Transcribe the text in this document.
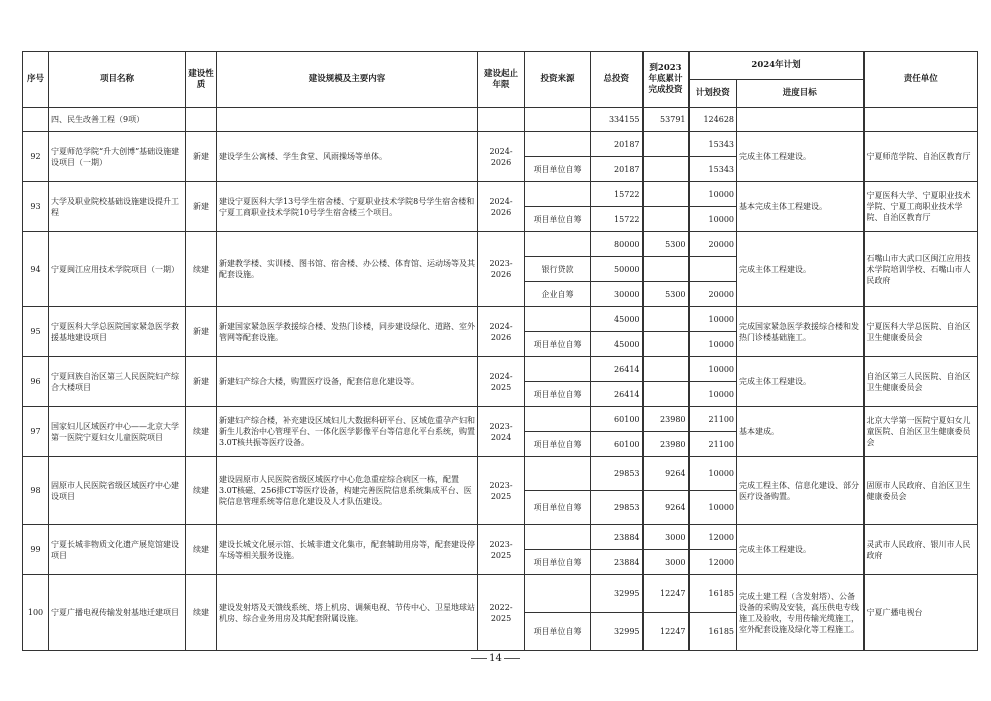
序号	项目名称	建设性质	建设规模及主要内容	建设起止年限	投资来源	总投资	到2023年底累计完成投资	2024年计划		责任单位
								计划投资	进度目标	
	四、民生改善工程（9项）					334155	53791	124628		
92	宁夏师范学院“升大创博”基础设施建设项目（一期）	新建	建设学生公寓楼、学生食堂、风雨操场等单体。	2024-2026		20187		15343	完成主体工程建设。	宁夏师范学院、自治区教育厅
					项目单位自筹	20187		15343		
93	大学及职业院校基础设施建设提升工程	新建	建设宁夏医科大学13号学生宿舍楼、宁夏职业技术学院8号学生宿舍楼和宁夏工商职业技术学院10号学生宿舍楼三个项目。	2024-2026		15722		10000	基本完成主体工程建设。	宁夏医科大学、宁夏职业技术学院、宁夏工商职业技术学院、自治区教育厅
					项目单位自筹	15722		10000		
94	宁夏闽江应用技术学院项目（一期）	续建	新建教学楼、实训楼、图书馆、宿舍楼、办公楼、体育馆、运动场等及其配套设施。	2023-2026		80000	5300	20000	完成主体工程建设。	石嘴山市大武口区闽江应用技术学院培训学校、石嘴山市人民政府
					银行贷款	50000				
					企业自筹	30000	5300	20000		
95	宁夏医科大学总医院国家紧急医学救援基地建设项目	新建	新建国家紧急医学救援综合楼、发热门诊楼，同步建设绿化、道路、室外管网等配套设施。	2024-2026		45000		10000	完成国家紧急医学救援综合楼和发热门诊楼基础施工。	宁夏医科大学总医院、自治区卫生健康委员会
					项目单位自筹	45000		10000		
96	宁夏回族自治区第三人民医院妇产综合大楼项目	新建	新建妇产综合大楼，购置医疗设备，配套信息化建设等。	2024-2025		26414		10000	完成主体工程建设。	自治区第三人民医院、自治区卫生健康委员会
					项目单位自筹	26414		10000		
97	国家妇儿区域医疗中心——北京大学第一医院宁夏妇女儿童医院项目	续建	新建妇产综合楼，补充建设区域妇儿大数据科研平台、区域危重孕产妇和新生儿救治中心管理平台、一体化医学影像平台等信息化平台系统，购置3.0T核共振等医疗设备。	2023-2024		60100	23980	21100	基本建成。	北京大学第一医院宁夏妇女儿童医院、自治区卫生健康委员会
					项目单位自筹	60100	23980	21100		
98	固原市人民医院省级区域医疗中心建设项目	续建	建设固原市人民医院省级区域医疗中心危急重症综合病区一栋，配置3.0T核磁、256排CT等医疗设备，构建完善医院信息系统集成平台、医院信息管理系统等信息化建设及人才队伍建设。	2023-2025		29853	9264	10000	完成工程主体、信息化建设、部分医疗设备购置。	固原市人民政府、自治区卫生健康委员会
					项目单位自筹	29853	9264	10000		
99	宁夏长城非物质文化遗产展览馆建设项目	续建	建设长城文化展示馆、长城非遗文化集市，配套辅助用房等，配套建设停车场等相关服务设施。	2023-2025		23884	3000	12000	完成主体工程建设。	灵武市人民政府、银川市人民政府
					项目单位自筹	23884	3000	12000		
100	宁夏广播电视传输发射基地迁建项目	续建	建设发射塔及天馈线系统、塔上机房、调频电视、节传中心、卫星地球站机房、综合业务用房及其配套附属设施。	2022-2025		32995	12247	16185	完成土建工程（含发射塔）、公备设备的采购及安装，高压供电专线施工及验收，专用传输光缆施工，室外配套设施及绿化等工程施工。	宁夏广播电视台
					项目单位自筹	32995	12247	16185		
14
